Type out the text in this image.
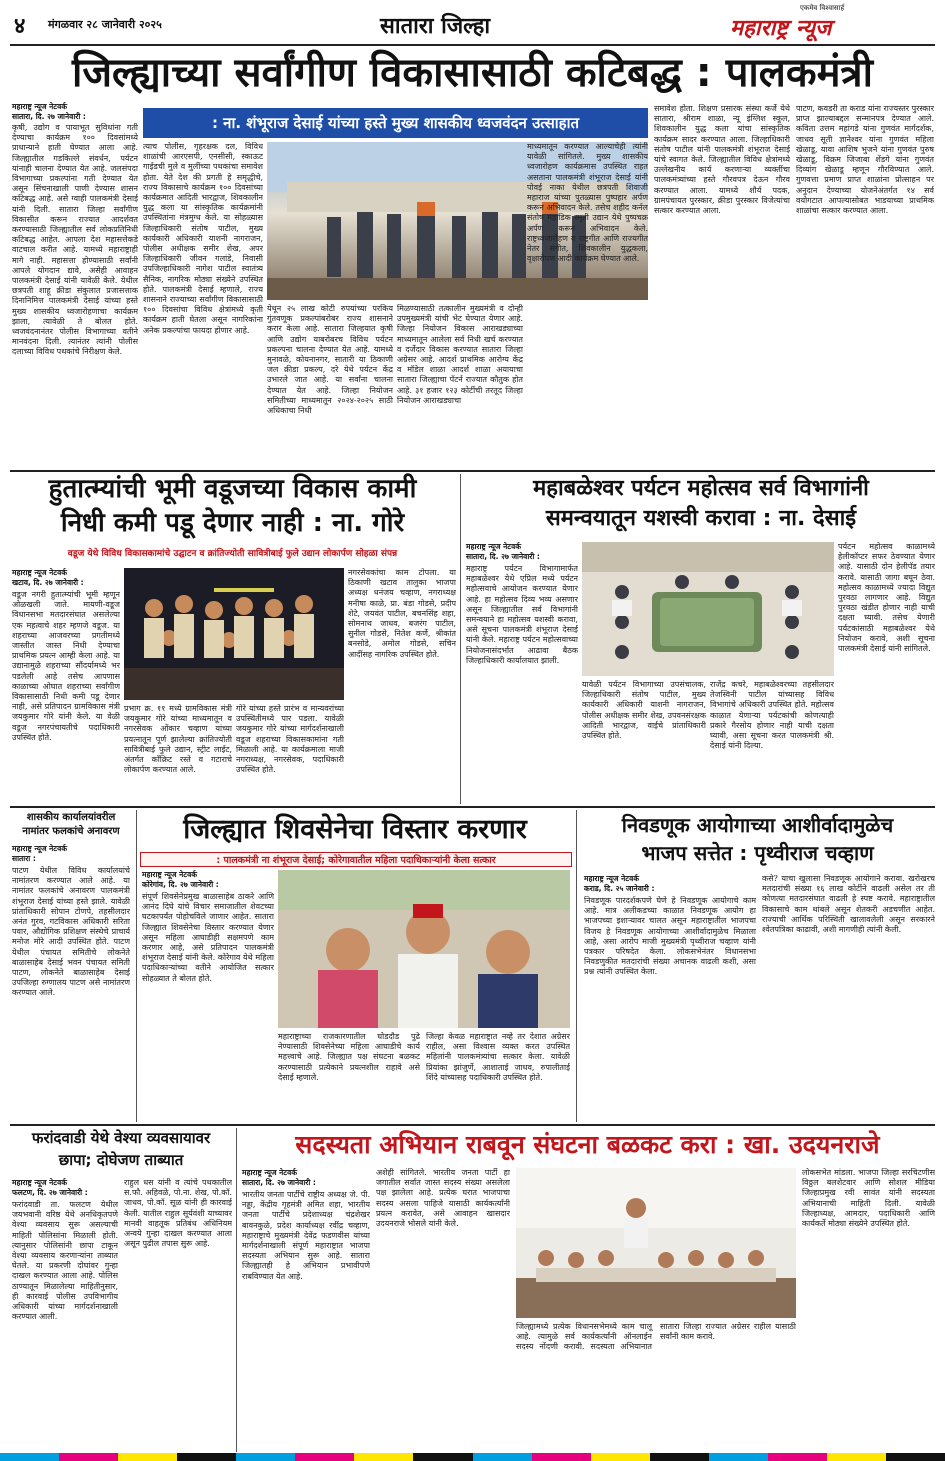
४ मंगळवार २८ जानेवारी २०२५	सातारा जिल्हा
एकमेव विश्वासार्ह
महाराष्ट्र न्यूज
जिल्ह्याच्या सर्वांगीण विकासासाठी कटिबद्ध : पालकमंत्री
महाराष्ट्र न्यूज नेटवर्क
सातारा, दि. २७ जानेवारी :
कृषी, उद्योग व पायाभूत सुविधांना गती देण्याचा कार्यक्रम १०० दिवसांमध्ये प्राधान्याने हाती घेण्यात आला आहे. जिल्ह्यातील गडकिल्ले संवर्धन, पर्यटन यांनाही चालना देण्यात येत आहे. जलसंपदा विभागाच्या प्रकल्पांना गती देण्यात येत असून सिंचनाखाली पाणी देण्यास शासन कटिबद्ध आहे. असे ग्वाही पालकमंत्री देसाई यांनी दिली. सातारा जिल्हा सर्वांगीण विकासीत करून राज्यात आदर्शवत करण्यासाठी जिल्ह्यातील सर्व लोकप्रतिनिधी कटिबद्ध आहेत. आपला देश महासत्तेकडे वाटचाल करीत आहे. यामध्ये महाराष्ट्राही मागे नाही. महासत्ता होण्यासाठी सर्वांनी आपले योगदान द्यावे, असेही आवाहन पालकमंत्री देसाई यांनी यावेळी केले. येथील छत्रपती शाहू क्रीडा संकुलात प्रजासत्ताक दिनानिमित्त पालकमंत्री देसाई यांच्या हस्ते मुख्य शासकीय ध्वजारोहणाचा कार्यक्रम झाला, त्यावेळी ते बोलत होते. ध्वजवंदनानंतर पोलीस विभागाच्या वतीने मानवंदना दिली. त्यानंतर त्यांनी पोलीस दलाच्या विविध पथकांचे निरीक्षण केले.
: ना. शंभूराज देसाई यांच्या हस्ते मुख्य शासकीय ध्वजवंदन उत्साहात
त्याच पोलीस, गृहरक्षक दल, विविध शाळांची आरएसपी, एनसीसी, स्काऊट गाईडची मुले व मुलींच्या पथकांचा समावेश होता. येते देश की प्रगती हे समृद्धीचे, राज्य विकासाचे कार्यक्रम १०० दिवसांच्या कार्यक्रमात आदिती भारद्वाज, शिवकालीन युद्ध कला या सांस्कृतिक कार्यक्रमांनी उपस्थितांना मंत्रमुग्ध केले. या सोहळ्यास जिल्हाधिकारी संतोष पाटील, मुख्य कार्यकारी अधिकारी याशनी नागराजन, पोलीस अधीक्षक समीर शेख, अपर जिल्हाधिकारी जीवन गलांडे, निवासी उपजिल्हाधिकारी नागेश पाटील स्वातंत्र्य सैनिक, नागरिक मोठ्या संख्येने उपस्थित होते. पालकमंत्री देसाई म्हणाले, राज्य शासनाने राज्याच्या सर्वांगीण विकासासाठी १०० दिवसांचा विविध क्षेत्रांमध्ये कृती कार्यक्रम हाती घेतला असून नागरिकांना अनेक प्रकल्पांचा फायदा होणार आहे.
येथून २५ लाख कोटी रुपयांच्या परकिय गुंतवणूक प्रकल्पांबरोबर राज्य शासनाने करार केला आहे. सातारा जिल्हयात कृषी आणि उद्योग याबरोबरच विविध पर्यटन प्रकल्पना चालना देण्यात येत आहे. यामध्ये मुनावळे, कोयनानगर, सातारी या ठिकाणी जल क्रीडा प्रकल्प, दरे येथे पर्यटन केंद्र उभारले जात आहे. या सर्वांना चालना देण्यात येत आहे. जिल्हा नियोजन समितीच्या माध्यमातून २०२४-२०२५ साठी अधिकाचा निधी
मिळण्यासाठी तत्कालीन मुख्यमंत्री व दोन्ही उपमुख्यमंत्री यांची भेट घेण्यात येणार आहे. जिल्हा नियोजन विकास आराखड्याच्या माध्यमातून आलेला सर्व निधी खर्च करण्यात व दर्जेदार विकास करण्यात सातारा जिल्हा अग्रेसर आहे. आदर्श प्राथमिक आरोग्य केंद्र व मॉडेल शाळा आदर्श शाळा अयायाचा सातारा जिल्ह्याचा पॅटर्न राज्यात कौतुक होत आहे. ३१ हजार १२३ कोटींची तरतूद जिल्हा नियोजन आराखड्याचा
माध्यमातून करण्यात आल्याचेही त्यांनी यावेळी सांगितले. मुख्य शासकीय ध्वजारोहण कार्यक्रमास उपस्थित राहत असताना पालकमंत्री शंभूराज देसाई यांनी पोवई नाका येथील छत्रपती शिवाजी महाराज यांच्या पुतळ्यास पुष्पहार अर्पण करून अभिवादन केले. तसेच शहीद कर्नल संतोष महाडिक स्मृती उद्यान येथे पुष्पचक्र अर्पण करून अभिवादन केले. राष्ट्रध्वजारोहण व राष्ट्रगीत आणि राज्यगीत नेतर संगीत, शिवकालीन युद्धकला, वृक्षारोपण आदी कार्यक्रम घेण्यात आले.
समावेश होता. शिक्षण प्रसारक संस्था कर्जे येथे सातारा, श्रीराम शाळा, न्यू इंग्लिश स्कूल, शिवकालीन युद्ध कला यांचा सांस्कृतिक कार्यक्रम सादर करण्यात आला. जिल्हाधिकारी संतोष पाटील यांनी पालकमंत्री शंभूराज देसाई यांचे स्वागत केले. जिल्ह्यातील विविध क्षेत्रांमध्ये उल्लेखनीय कार्य करणाऱ्या व्यक्तींचा पालकमंत्र्यांच्या हस्ते गौरवपत्र देऊन गौरव करण्यात आला. यामध्ये शौर्य पदक, ग्रामपंचायत पुरस्कार, क्रीडा पुरस्कार विजेत्यांचा सत्कार करण्यात आला.
पाटण, कवडरी ता कराड यांना राज्यस्तर पुरस्कार प्राप्त झाल्याबद्दल सन्मानपत्र देण्यात आले. कविता उत्तम महांगडे यांना गुणवंत मार्गदर्शक, जाधव सूती ज्ञानेश्वर यांना गुणवंत महिला खेळाडू, यावा आशिष भुजने यांना गुणवंत पुरुष खेळाडू, विक्रम जिजाबा शेंडगे यांना गुणवंत दिव्यांग खेळाडू म्हणून गौरविण्यात आले. गुणवत्ता प्रमाण प्राप्त शाळांना प्रोत्साहन पर अनुदान देण्याच्या योजनेअंतर्गत १४ सर्व वयोगटात आपल्यासोबत भाडयाच्या प्राथमिक शाळांचा सत्कार करण्यात आला.
हुतात्म्यांची भूमी वडूजच्या विकास कामी
निधी कमी पडू देणार नाही : ना. गोरे
वडूज येथे विविध विकासकामांचे उद्घाटन व क्रांतिज्योती सावित्रीबाई फुले उद्यान लोकार्पण सोहळा संपन्न
महाराष्ट्र न्यूज नेटवर्क
खटाव, दि. २७ जानेवारी :
वडूज नगरी हुतात्म्यांची भूमी म्हणून ओळखली जाते. मायणी-वडूज विधानसभा मतदारसंघात असलेल्या एक महत्वाचे शहर म्हणजे वडूज. या शहराच्या आजवरच्या प्रगतीमध्ये जास्तीत जास्त निधी देण्याचा प्राथमिक प्रयत्न आम्ही केला आहे. या उद्यानामुळे शहराच्या सौंदर्यामध्ये भर पडलेली आहे तसेच आपणास काळाच्या ओघात शहराच्या सर्वांगीण विकासासाठी निधी कमी पडू देणार नाही, असे प्रतिपादन ग्रामविकास मंत्री जयकुमार गोरे यांनी केले. या वेळी वडूज नगरपंचायतीचे पदाधिकारी उपस्थित होते.
प्रभाग क्र. ११ मध्ये ग्रामविकास मंत्री जयकुमार गोरे यांच्या माध्यमातून व नगरसेवक ओंकार चव्हाण यांच्या प्रयत्नातून पूर्ण झालेल्या क्रांतिज्योती सावित्रीबाई फुले उद्यान, स्ट्रीट लाईट, अंतर्गत काँक्रिट रस्ते व गटाराचे लोकार्पण करण्यात आले.
गोरे यांच्या हस्ते प्रारंभ व मान्यवरांच्या उपस्थितीमध्ये पार पडला. यावेळी जयकुमार गोरे यांच्या मार्गदर्शनाखाली वडूज शहराच्या विकासकामांना गती मिळाली आहे. या कार्यक्रमाला माजी नगराध्यक्ष, नगरसेवक, पदाधिकारी उपस्थित होते.
नगरसेवकांचा काम टोपला. या ठिकाणी खटाव तालुका भाजपा अध्यक्ष धनंजय चव्हाण, नगराध्यक्ष मनीषा काळे, प्रा. बंडा गोडसे, प्रदीप शेटे, जयवंत पाटील, बचनसिंह शहा, सोमनाथ जाधव, बजरंग पाटील, सुनील गोडसे, नितेश कर्णे, श्रीकांत बनसोडे, अमोल गोडसे, सचिन आदींसह नागरिक उपस्थित होते.
महाबळेश्वर पर्यटन महोत्सव सर्व विभागांनी
समन्वयातून यशस्वी करावा : ना. देसाई
महाराष्ट्र न्यूज नेटवर्क
सातारा, दि. २७ जानेवारी :
महाराष्ट्र पर्यटन विभागामार्फत महाबळेश्वर येथे एप्रिल मध्ये पर्यटन महोत्सवाचे आयोजन करण्यात येणार आहे. हा महोत्सव दिव्य भव्य असणार असून जिल्ह्यातील सर्व विभागांनी समन्वयाने हा महोत्सव यशस्वी करावा, असे सूचना पालकमंत्री शंभूराज देसाई यांनी केले. महाराष्ट्र पर्यटन महोत्सवाच्या नियोजनासंदर्भात आढावा बैठक जिल्हाधिकारी कार्यालयात झाली.
यावेळी पर्यटन विभागाच्या उपसंचालक, जिल्हाधिकारी संतोष पाटील, मुख्य कार्यकारी अधिकारी याशनी नागराजन, पोलीस अधीक्षक समीर शेख, उपवनसंरक्षक आदिती भारद्वाज, वाईचे प्रांताधिकारी उपस्थित होते.
राजेंद्र कचरे, महाबळेश्वरच्या तहसीलदार तेजस्विनी पाटील यांच्यासह विविध विभागांचे अधिकारी उपस्थित होते. महोत्सव काळात येणाऱ्या पर्यटकांची कोणत्याही प्रकारे गैरसोय होणार नाही याची दक्षता घ्यावी, असा सूचना करत पालकमंत्री श्री. देसाई यांनी दिल्या.
पर्यटन महोत्सव काळामध्ये हेलीकॉप्टर सफर ठेवण्यात येणार आहे. यासाठी दोन हेलीपॅड तयार करावे. यासाठी जागा बघून ठेवा. महोत्सव काळामध्ये ज्यादा विद्युत पुरवठा लागणार आहे. विद्युत पुरवठा खंडीत होणार नाही याची दक्षता घ्यावी. तसेच येणारी पर्यटकांसाठी महाबळेश्वर येथे नियोजन करावे, अशी सूचना पालकमंत्री देसाई यांनी सांगितले.
शासकीय कार्यालयांवरील
नामांतर फलकांचे अनावरण
महाराष्ट्र न्यूज नेटवर्क
सातारा :
पाटण येथील विविध कार्यालयांचे नामांतरण करण्यात आले आहे. या नामांतर फलकांचे अनावरण पालकमंत्री शंभूराज देसाई यांच्या हस्ते झाले. यावेळी प्रांताधिकारी सोपान टोणपे, तहसीलदार अनंत गुरव, गटविकास अधिकारी सरिता पवार, औद्योगिक प्रशिक्षण संस्थेचे प्राचार्य मनोज मोरे आदी उपस्थित होते. पाटण येथील पंचायत समितीचे लोकनेते बाळासाहेब देसाई भवन पंचायत समिती पाटण, लोकनेते बाळासाहेब देसाई उपजिल्हा रुग्णालय पाटण असे नामांतरण करण्यात आले.
जिल्ह्यात शिवसेनेचा विस्तार करणार
: पालकमंत्री ना शंभूराज देसाई; कोरेगावातील महिला पदाधिकाऱ्यांनी केला सत्कार
महाराष्ट्र न्यूज नेटवर्क
कोरेगांव, दि. २७ जानेवारी :
संपूर्ण शिवसेनेप्रमुख बाळासाहेब ठाकरे आणि आनंद दिघे यांचे विचार समाजातील शेवटच्या घटकापर्यंत पोहोचविले जाणार आहेत. सातारा जिल्ह्यात शिवसेनेचा विस्तार करण्यात येणार असून महिला आघाडीही सक्षमपणे काम करणार आहे, असे प्रतिपादन पालकमंत्री शंभूराज देसाई यांनी केले. कोरेगाव येथे महिला पदाधिकाऱ्यांच्या वतीने आयोजित सत्कार सोहळ्यात ते बोलत होते.
महाराष्ट्राच्या राजकारणातील घोडदौड पुढे नेण्यासाठी शिवसेनेच्या महिला आघाडीचे कार्य महत्त्वाचे आहे. जिल्ह्यात पक्ष संघटना बळकट करण्यासाठी प्रत्येकाने प्रयत्नशील राहावे असे देसाई म्हणाले.
जिल्हा केवळ महाराष्ट्रात नव्हे तर देशात अग्रेसर राहील, असा विश्वास व्यक्त करत उपस्थित महिलांनी पालकमंत्र्यांचा सत्कार केला. यावेळी प्रियांका झांजुर्णे, आशाताई जाधव, रुपालीताई शिंदे यांच्यासह पदाधिकारी उपस्थित होते.
निवडणूक आयोगाच्या आशीर्वादामुळेच
भाजप सत्तेत : पृथ्वीराज चव्हाण
महाराष्ट्र न्यूज नेटवर्क
कराड, दि. २५ जानेवारी :
निवडणूक पारदर्शकपणे घेणे हे निवडणूक आयोगाचे काम आहे. मात्र अलीकडच्या काळात निवडणूक आयोग हा भाजपच्या इशाऱ्यावर चालत असून महाराष्ट्रातील भाजपचा विजय हे निवडणूक आयोगाच्या आशीर्वादामुळेच मिळाला आहे, असा आरोप माजी मुख्यमंत्री पृथ्वीराज चव्हाण यांनी पत्रकार परिषदेत केला. लोकसभेनंतर विधानसभा निवडणुकीत मतदारांची संख्या अचानक वाढली कशी, असा प्रश्न त्यांनी उपस्थित केला.
कसे? याचा खुलासा निवडणूक आयोगाने करावा. खरोखरच मतदारांची संख्या १६ लाख कोटींने वाढली असेल तर ती कोणत्या मतदारसंघात वाढली हे स्पष्ट करावे. महाराष्ट्रातील विकासाचे काम थांबले असून शेतकरी अडचणीत आहेत. राज्याची आर्थिक परिस्थिती खालावलेली असून सरकारने श्वेतपत्रिका काढावी, अशी मागणीही त्यांनी केली.
फरांदवाडी येथे वेश्या व्यवसायावर
छापा; दोघेजण ताब्यात
महाराष्ट्र न्यूज नेटवर्क
फलटण, दि. २७ जानेवारी :
फरांदवाडी ता. फलटण येथील जयभवानी वरिष्ठ येथे अनधिकृतपणे वेश्या व्यवसाय सुरू असल्याची माहिती पोलिसांना मिळाली होती. त्यानुसार पोलिसांनी छापा टाकून वेश्या व्यवसाय करणाऱ्यांना ताब्यात घेतले. या प्रकरणी दोघांवर गुन्हा दाखल करण्यात आला आहे. पोलिस ठाण्यातून मिळालेल्या माहितीनुसार, ही कारवाई पोलीस उपविभागीय अधिकारी यांच्या मार्गदर्शनाखाली करण्यात आली.
राहुल धस यांनी व त्यांचे पथकातील स.फौ. अहिवळे, पो.ना. शेख, पो.कॉ. जाधव, पो.कॉ. सूळ यांनी ही कारवाई केली. यातील राहुल सूर्यवंशी याच्यावर मानवी वाहतूक प्रतिबंध अधिनियम अन्वये गुन्हा दाखल करण्यात आला असून पुढील तपास सुरू आहे.
सदस्यता अभियान राबवून संघटना बळकट करा : खा. उदयनराजे
महाराष्ट्र न्यूज नेटवर्क
सातारा, दि. २७ जानेवारी :
भारतीय जनता पार्टीचे राष्ट्रीय अध्यक्ष जे. पी. नड्डा, केंद्रीय गृहमंत्री अमित शहा, भारतीय जनता पार्टीचे प्रदेशाध्यक्ष चंद्रशेखर बावनकुळे, प्रदेश कार्याध्यक्ष रवींद्र चव्हाण, महाराष्ट्राचे मुख्यमंत्री देवेंद्र फडणवीस यांच्या मार्गदर्शनाखाली संपूर्ण महाराष्ट्रात भाजपा सदस्यता अभियान सुरू आहे. सातारा जिल्ह्यातही हे अभियान प्रभावीपणे राबविण्यात येत आहे.
अशेही सांगितले. भारतीय जनता पार्टी हा जगातील सर्वात जास्त सदस्य संख्या असलेला पक्ष झालेला आहे. प्रत्येक घरात भाजपाचा सदस्य असला पाहिजे यासाठी कार्यकर्त्यांनी प्रयत्न करावेत, असे आवाहन खासदार उदयनराजे भोसले यांनी केले.
जिल्ह्यामध्ये प्रत्येक विधानसभेमध्ये काम चालू आहे. त्यामुळे सर्व कार्यकर्त्यांनी ऑनलाईन सदस्य नोंदणी करावी. सदस्यता अभियानात सातारा जिल्हा राज्यात अग्रेसर राहील यासाठी सर्वांनी काम करावे.
लोकसभेत मांडला. भाजपा जिल्हा सरचिटणीस विठ्ठल बलशेटवार आणि सोशल मीडिया जिल्हाप्रमुख रवी सावंत यांनी सदस्यता अभियानाची माहिती दिली. यावेळी जिल्हाध्यक्ष, आमदार, पदाधिकारी आणि कार्यकर्ते मोठ्या संख्येने उपस्थित होते.
